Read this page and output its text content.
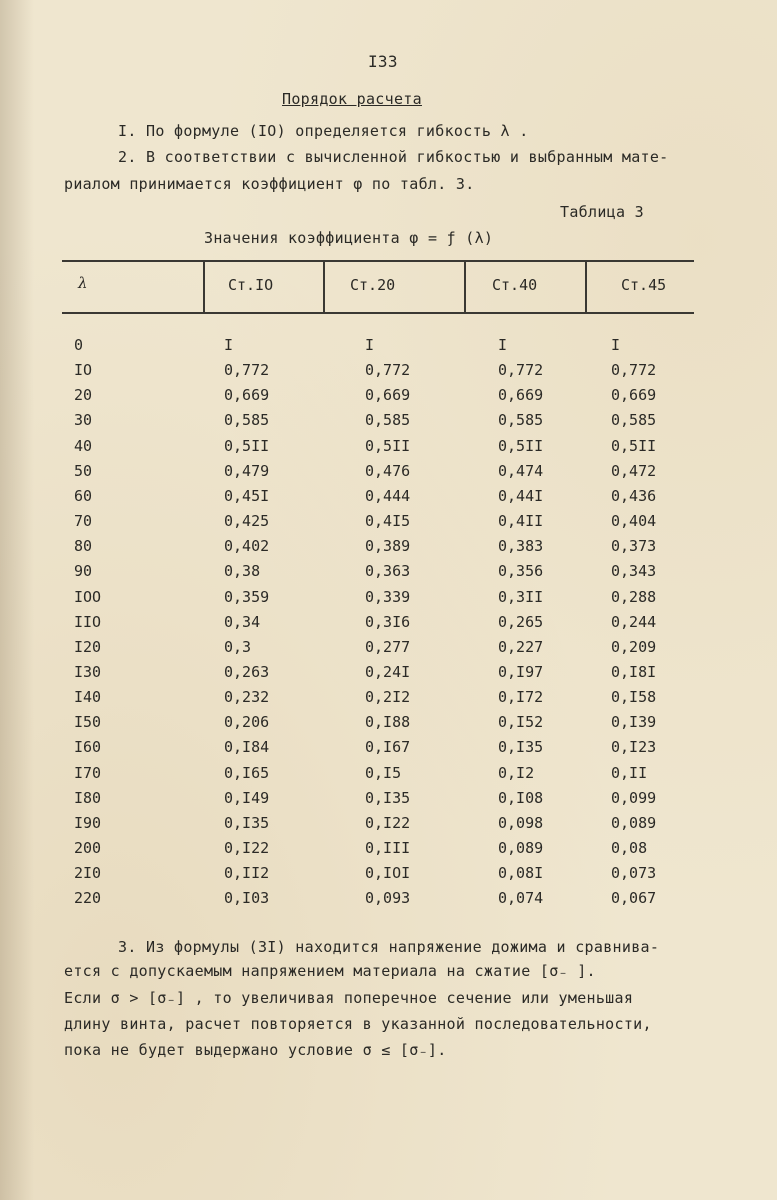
I33
Порядок расчета
I. По формуле (IO) определяется гибкость λ .
2. В соответствии с вычисленной гибкостью и выбранным мате-
риалом принимается коэффициент φ по табл. 3.
Таблица 3
Значения коэффициента φ = ƒ (λ)
λ	Ст.IO	Ст.20	Ст.40	Ст.45
0	I	I	I	I
IO	0,772	0,772	0,772	0,772
20	0,669	0,669	0,669	0,669
30	0,585	0,585	0,585	0,585
40	0,5II	0,5II	0,5II	0,5II
50	0,479	0,476	0,474	0,472
60	0,45I	0,444	0,44I	0,436
70	0,425	0,4I5	0,4II	0,404
80	0,402	0,389	0,383	0,373
90	0,38	0,363	0,356	0,343
IOO	0,359	0,339	0,3II	0,288
IIO	0,34	0,3I6	0,265	0,244
I20	0,3	0,277	0,227	0,209
I30	0,263	0,24I	0,I97	0,I8I
I40	0,232	0,2I2	0,I72	0,I58
I50	0,206	0,I88	0,I52	0,I39
I60	0,I84	0,I67	0,I35	0,I23
I70	0,I65	0,I5	0,I2	0,II
I80	0,I49	0,I35	0,I08	0,099
I90	0,I35	0,I22	0,098	0,089
200	0,I22	0,III	0,089	0,08
2I0	0,II2	0,IOI	0,08I	0,073
220	0,I03	0,093	0,074	0,067
3. Из формулы (3I) находится напряжение дожима и сравнива-
ется с допускаемым напряжением материала на сжатие [σ₋ ].
Если σ > [σ₋] , то увеличивая поперечное сечение или уменьшая
длину винта, расчет повторяется в указанной последовательности,
пока не будет выдержано условие σ ≤ [σ₋].
